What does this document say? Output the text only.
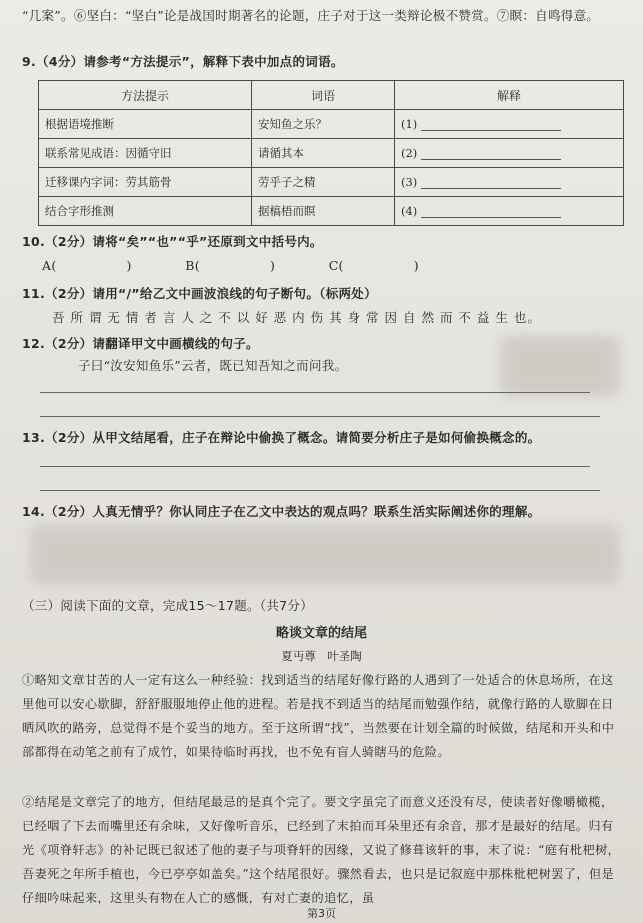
“几案”。⑥坚白：“坚白”论是战国时期著名的论题，庄子对于这一类辩论极不赞赏。⑦瞑：自鸣得意。
9.（4分）请参考“方法提示”，解释下表中加点的词语。
方法提示	词语	解释
根据语境推断	安知鱼之乐？	(1)
联系常见成语：因循守旧	请循其本	(2)
迁移课内字词：劳其筋骨	劳乎子之精	(3)
结合字形推测	据槁梧而瞑	(4)
10.（2分）请将“矣”“也”“乎”还原到文中括号内。
A(	)	B(	)	C(	)
11.（2分）请用“/”给乙文中画波浪线的句子断句。（标两处）
吾 所 谓 无 情 者 言 人 之 不 以 好 恶 内 伤 其 身 常 因 自 然 而 不 益 生 也。
12.（2分）请翻译甲文中画横线的句子。
子曰“汝安知鱼乐”云者，既已知吾知之而问我。
13.（2分）从甲文结尾看，庄子在辩论中偷换了概念。请简要分析庄子是如何偷换概念的。
14.（2分）人真无情乎？你认同庄子在乙文中表达的观点吗？联系生活实际阐述你的理解。
（三）阅读下面的文章，完成15～17题。（共7分）
略谈文章的结尾
夏丏尊　叶圣陶
①略知文章甘苦的人一定有这么一种经验：找到适当的结尾好像行路的人遇到了一处适合的休息场所，在这里他可以安心歇脚，舒舒服服地停止他的进程。若是找不到适当的结尾而勉强作结，就像行路的人歇脚在日晒风吹的路旁，总觉得不是个妥当的地方。至于这所谓“找”，当然要在计划全篇的时候做，结尾和开头和中部都得在动笔之前有了成竹，如果待临时再找，也不免有盲人骑瞎马的危险。
②结尾是文章完了的地方，但结尾最忌的是真个完了。要文字虽完了而意义还没有尽，使读者好像嚼橄榄，已经咽了下去而嘴里还有余味，又好像听音乐，已经到了末拍而耳朵里还有余音，那才是最好的结尾。归有光《项脊轩志》的补记既已叙述了他的妻子与项脊轩的因缘，又说了修葺该轩的事，末了说：“庭有枇杷树，吾妻死之年所手植也，今已亭亭如盖矣。”这个结尾很好。骤然看去，也只是记叙庭中那株枇杷树罢了，但是仔细吟味起来，这里头有物在人亡的感慨，有对亡妻的追忆，虽
第3页
